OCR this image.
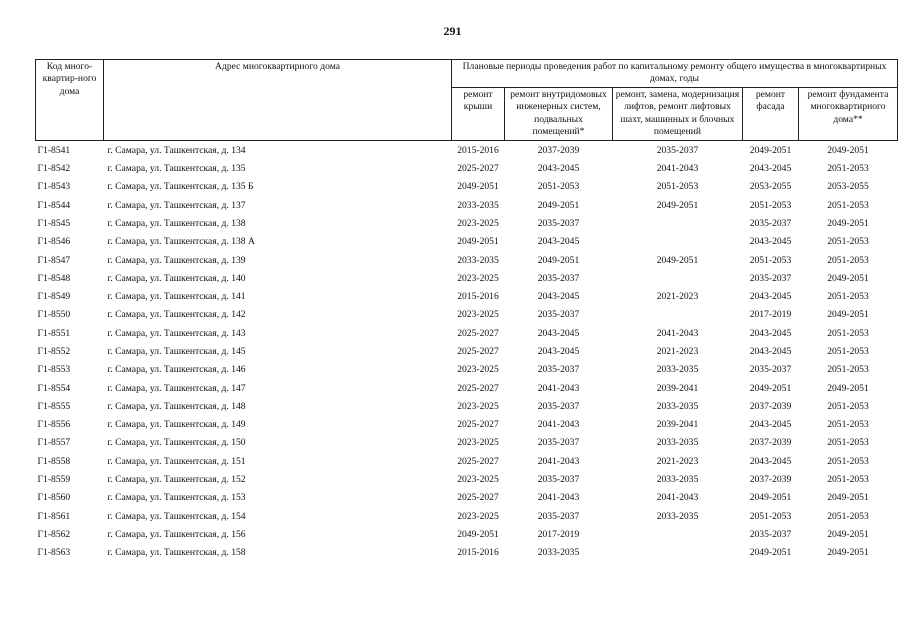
291
Код много-квартир-ного дома	Адрес многоквартирного дома	Плановые периоды проведения работ по капитальному ремонту общего имущества в многоквартирных домах, годы				
		ремонт крыши	ремонт внутридомовых инженерных систем, подвальных помещений*	ремонт, замена, модернизация лифтов, ремонт лифтовых шахт, машинных и блочных помещений	ремонт фасада	ремонт фундамента многоквартирного дома**
Г1-8541	г. Самара, ул. Ташкентская, д. 134	2015-2016	2037-2039	2035-2037	2049-2051	2049-2051
Г1-8542	г. Самара, ул. Ташкентская, д. 135	2025-2027	2043-2045	2041-2043	2043-2045	2051-2053
Г1-8543	г. Самара, ул. Ташкентская, д. 135 Б	2049-2051	2051-2053	2051-2053	2053-2055	2053-2055
Г1-8544	г. Самара, ул. Ташкентская, д. 137	2033-2035	2049-2051	2049-2051	2051-2053	2051-2053
Г1-8545	г. Самара, ул. Ташкентская, д. 138	2023-2025	2035-2037		2035-2037	2049-2051
Г1-8546	г. Самара, ул. Ташкентская, д. 138 А	2049-2051	2043-2045		2043-2045	2051-2053
Г1-8547	г. Самара, ул. Ташкентская, д. 139	2033-2035	2049-2051	2049-2051	2051-2053	2051-2053
Г1-8548	г. Самара, ул. Ташкентская, д. 140	2023-2025	2035-2037		2035-2037	2049-2051
Г1-8549	г. Самара, ул. Ташкентская, д. 141	2015-2016	2043-2045	2021-2023	2043-2045	2051-2053
Г1-8550	г. Самара, ул. Ташкентская, д. 142	2023-2025	2035-2037		2017-2019	2049-2051
Г1-8551	г. Самара, ул. Ташкентская, д. 143	2025-2027	2043-2045	2041-2043	2043-2045	2051-2053
Г1-8552	г. Самара, ул. Ташкентская, д. 145	2025-2027	2043-2045	2021-2023	2043-2045	2051-2053
Г1-8553	г. Самара, ул. Ташкентская, д. 146	2023-2025	2035-2037	2033-2035	2035-2037	2051-2053
Г1-8554	г. Самара, ул. Ташкентская, д. 147	2025-2027	2041-2043	2039-2041	2049-2051	2049-2051
Г1-8555	г. Самара, ул. Ташкентская, д. 148	2023-2025	2035-2037	2033-2035	2037-2039	2051-2053
Г1-8556	г. Самара, ул. Ташкентская, д. 149	2025-2027	2041-2043	2039-2041	2043-2045	2051-2053
Г1-8557	г. Самара, ул. Ташкентская, д. 150	2023-2025	2035-2037	2033-2035	2037-2039	2051-2053
Г1-8558	г. Самара, ул. Ташкентская, д. 151	2025-2027	2041-2043	2021-2023	2043-2045	2051-2053
Г1-8559	г. Самара, ул. Ташкентская, д. 152	2023-2025	2035-2037	2033-2035	2037-2039	2051-2053
Г1-8560	г. Самара, ул. Ташкентская, д. 153	2025-2027	2041-2043	2041-2043	2049-2051	2049-2051
Г1-8561	г. Самара, ул. Ташкентская, д. 154	2023-2025	2035-2037	2033-2035	2051-2053	2051-2053
Г1-8562	г. Самара, ул. Ташкентская, д. 156	2049-2051	2017-2019		2035-2037	2049-2051
Г1-8563	г. Самара, ул. Ташкентская, д. 158	2015-2016	2033-2035		2049-2051	2049-2051
